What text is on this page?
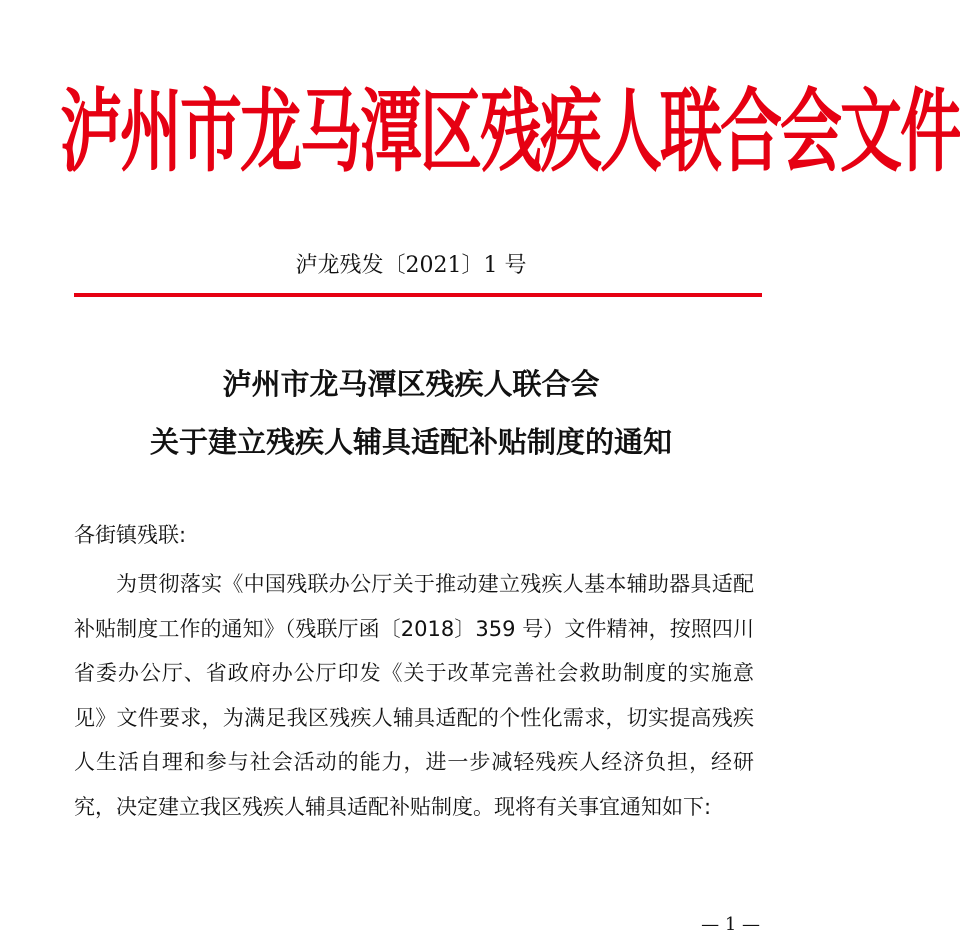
泸州市龙马潭区残疾人联合会文件
泸龙残发〔2021〕1 号
泸州市龙马潭区残疾人联合会
关于建立残疾人辅具适配补贴制度的通知
各街镇残联:
为贯彻落实《中国残联办公厅关于推动建立残疾人基本辅助器具适配补贴制度工作的通知》（残联厅函〔2018〕359 号）文件精神，按照四川省委办公厅、省政府办公厅印发《关于改革完善社会救助制度的实施意见》文件要求，为满足我区残疾人辅具适配的个性化需求，切实提高残疾人生活自理和参与社会活动的能力，进一步减轻残疾人经济负担，经研究，决定建立我区残疾人辅具适配补贴制度。现将有关事宜通知如下:
— 1 —
